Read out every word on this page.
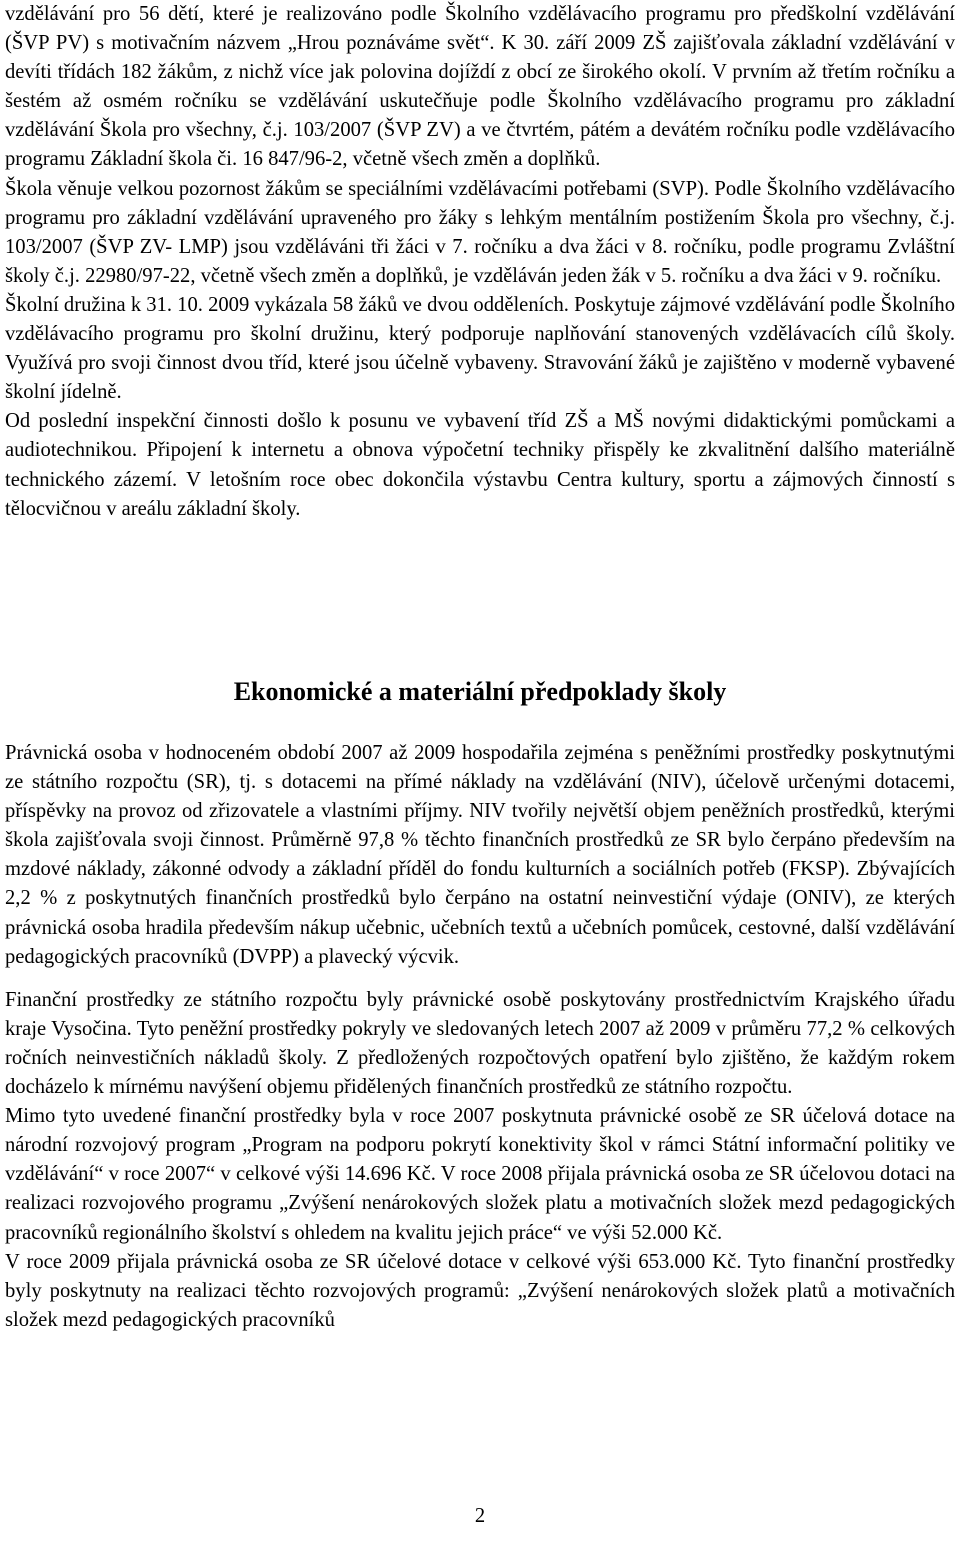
vzdělávání pro 56 dětí, které je realizováno podle Školního vzdělávacího programu pro předškolní vzdělávání (ŠVP PV) s motivačním názvem „Hrou poznáváme svět“. K 30. září 2009 ZŠ zajišťovala základní vzdělávání v devíti třídách 182 žákům, z nichž více jak polovina dojíždí z obcí ze širokého okolí. V prvním až třetím ročníku a šestém až osmém ročníku se vzdělávání uskutečňuje podle Školního vzdělávacího programu pro základní vzdělávání Škola pro všechny, č.j. 103/2007 (ŠVP ZV) a ve čtvrtém, pátém a devátém ročníku podle vzdělávacího programu Základní škola či. 16 847/96-2, včetně všech změn a doplňků.

Škola věnuje velkou pozornost žákům se speciálními vzdělávacími potřebami (SVP). Podle Školního vzdělávacího programu pro základní vzdělávání upraveného pro žáky s lehkým mentálním postižením Škola pro všechny, č.j. 103/2007 (ŠVP ZV- LMP) jsou vzděláváni tři žáci v 7. ročníku a dva žáci v 8. ročníku, podle programu Zvláštní školy č.j. 22980/97-22, včetně všech změn a doplňků, je vzděláván jeden žák v 5. ročníku a dva žáci v 9. ročníku.

Školní družina k 31. 10. 2009 vykázala 58 žáků ve dvou odděleních. Poskytuje zájmové vzdělávání podle Školního vzdělávacího programu pro školní družinu, který podporuje naplňování stanovených vzdělávacích cílů školy. Využívá pro svoji činnost dvou tříd, které jsou účelně vybaveny. Stravování žáků je zajištěno v moderně vybavené školní jídelně.

Od poslední inspekční činnosti došlo k posunu ve vybavení tříd ZŠ a MŠ novými didaktickými pomůckami a audiotechnikou. Připojení k internetu a obnova výpočetní techniky přispěly ke zkvalitnění dalšího materiálně technického zázemí. V letošním roce obec dokončila výstavbu Centra kultury, sportu a zájmových činností s tělocvičnou v areálu základní školy.

Ekonomické a materiální předpoklady školy

Právnická osoba v hodnoceném období 2007 až 2009 hospodařila zejména s peněžními prostředky poskytnutými ze státního rozpočtu (SR), tj. s dotacemi na přímé náklady na vzdělávání (NIV), účelově určenými dotacemi, příspěvky na provoz od zřizovatele a vlastními příjmy. NIV tvořily největší objem peněžních prostředků, kterými škola zajišťovala svoji činnost. Průměrně 97,8 % těchto finančních prostředků ze SR bylo čerpáno především na mzdové náklady, zákonné odvody a základní příděl do fondu kulturních a sociálních potřeb (FKSP). Zbývajících 2,2 % z poskytnutých finančních prostředků bylo čerpáno na ostatní neinvestiční výdaje (ONIV), ze kterých právnická osoba hradila především nákup učebnic, učebních textů a učebních pomůcek, cestovné, další vzdělávání pedagogických pracovníků (DVPP) a plavecký výcvik.

Finanční prostředky ze státního rozpočtu byly právnické osobě poskytovány prostřednictvím Krajského úřadu kraje Vysočina. Tyto peněžní prostředky pokryly ve sledovaných letech 2007 až 2009 v průměru 77,2 % celkových ročních neinvestičních nákladů školy. Z předložených rozpočtových opatření bylo zjištěno, že každým rokem docházelo k mírnému navýšení objemu přidělených finančních prostředků ze státního rozpočtu.

Mimo tyto uvedené finanční prostředky byla v roce 2007 poskytnuta právnické osobě ze SR účelová dotace na národní rozvojový program „Program na podporu pokrytí konektivity škol v rámci Státní informační politiky ve vzdělávání“ v roce 2007“ v celkové výši 14.696 Kč. V roce 2008 přijala právnická osoba ze SR účelovou dotaci na realizaci rozvojového programu „Zvýšení nenárokových složek platu a motivačních složek mezd pedagogických pracovníků regionálního školství s ohledem na kvalitu jejich práce“ ve výši 52.000 Kč.

V roce 2009 přijala právnická osoba ze SR účelové dotace v celkové výši 653.000 Kč. Tyto finanční prostředky byly poskytnuty na realizaci těchto rozvojových programů: „Zvýšení nenárokových složek platů a motivačních složek mezd pedagogických pracovníků

2
